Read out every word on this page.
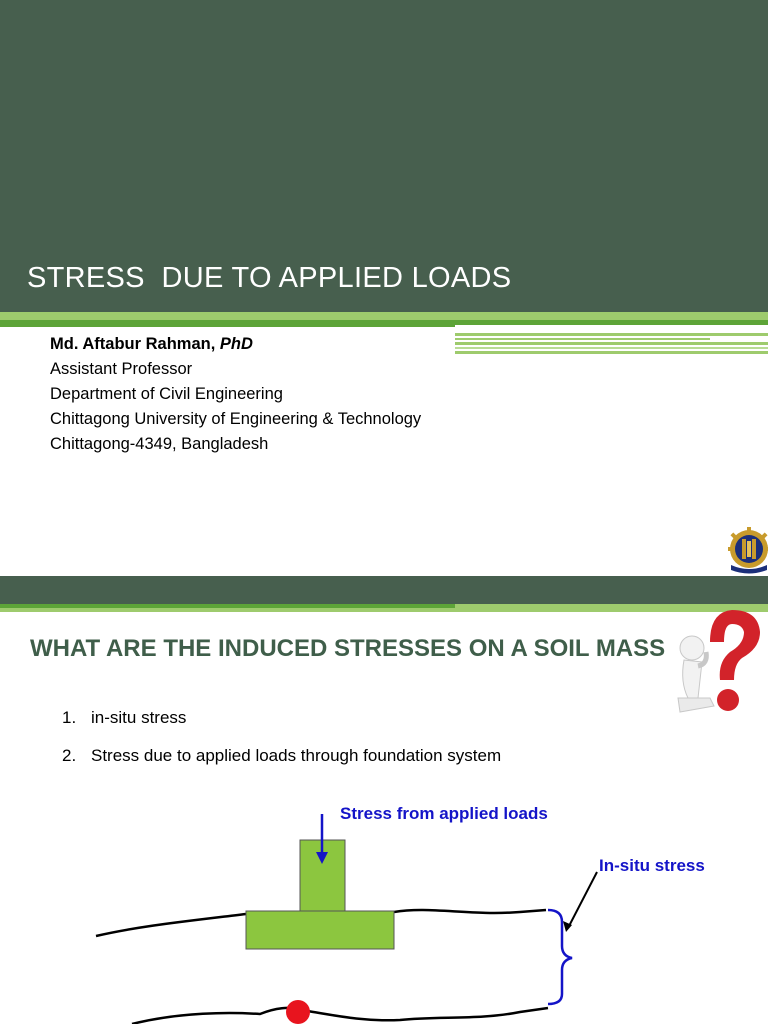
STRESS  DUE TO APPLIED LOADS
Md. Aftabur Rahman, PhD
Assistant Professor
Department of Civil Engineering
Chittagong University of Engineering & Technology
Chittagong-4349, Bangladesh
WHAT ARE THE INDUCED STRESSES ON A SOIL MASS
1. in-situ stress
2. Stress due to applied loads through foundation system
Stress from applied loads
In-situ stress
